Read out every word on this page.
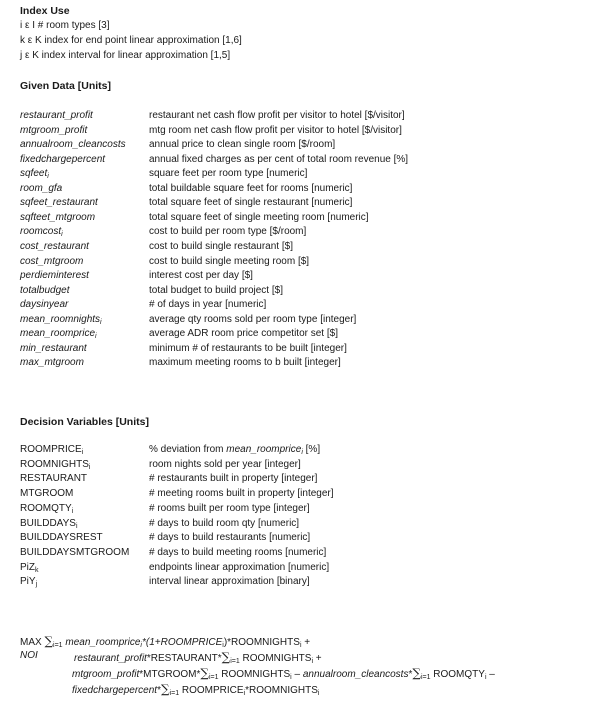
Index Use
i ε I # room types [3]
k ε K index for end point linear approximation [1,6]
j ε K index interval for linear approximation [1,5]
Given Data [Units]
restaurant_profit	restaurant net cash flow profit per visitor to hotel [$/visitor]
mtgroom_profit	mtg room net cash flow profit per visitor to hotel [$/visitor]
annualroom_cleancosts	annual price to clean single room [$/room]
fixedchargepercent	annual fixed charges as per cent of total room revenue [%]
sqfeet$_i$	square feet per room type [numeric]
room_gfa	total buildable square feet for rooms [numeric]
sqfeet_restaurant	total square feet of single restaurant [numeric]
sqfteet_mtgroom	total square feet of single meeting room [numeric]
roomcost$_i$	cost to build per room type [$/room]
cost_restaurant	cost to build single restaurant [$]
cost_mtgroom	cost to build single meeting room [$]
perdieminterest	interest cost per day [$]
totalbudget	total budget to build project [$]
daysinyear	# of days in year [numeric]
mean_roomnights$_i$	average qty rooms sold per room type [integer]
mean_roomprice$_i$	average ADR room price competitor set [$]
min_restaurant	minimum # of restaurants to be built [integer]
max_mtgroom	maximum meeting rooms to b built [integer]
Decision Variables [Units]
$ROOMPRICE_i$	% deviation from mean_roomprice$_i$ [%]
$ROOMNIGHTS_i$	room nights sold per year [integer]
RESTAURANT	# restaurants built in property [integer]
MTGROOM	# meeting rooms built in property [integer]
$ROOMQTY_i$	# rooms built per room type [integer]
$BUILDDAYS_i$	# days to build room qty [numeric]
BUILDDAYSREST	# days to build restaurants [numeric]
BUILDDAYSMTGROOM	# days to build meeting rooms [numeric]
PiZ$_k$	endpoints linear approximation [numeric]
PiY$_j$	interval linear approximation [binary]
MAX $\sum_{i=1}$ $mean\_roomprice_i*(1+ROOMPRICE_i)*ROOMNIGHTS_i$ +
NOI	$restaurant\_profit*RESTAURANT*\sum_{i=1}$ $ROOMNIGHTS_i$ +
$mtgroom\_profit*MTGROOM*\sum_{i=1}$ $ROOMNIGHTS_i$ – $annualroom\_cleancosts*\sum_{i=1}$ $ROOMQTY_i$ –
$fixedchargepercent*\sum_{i=1}$ $ROOMPRICE_i*ROOMNIGHTS_i$
